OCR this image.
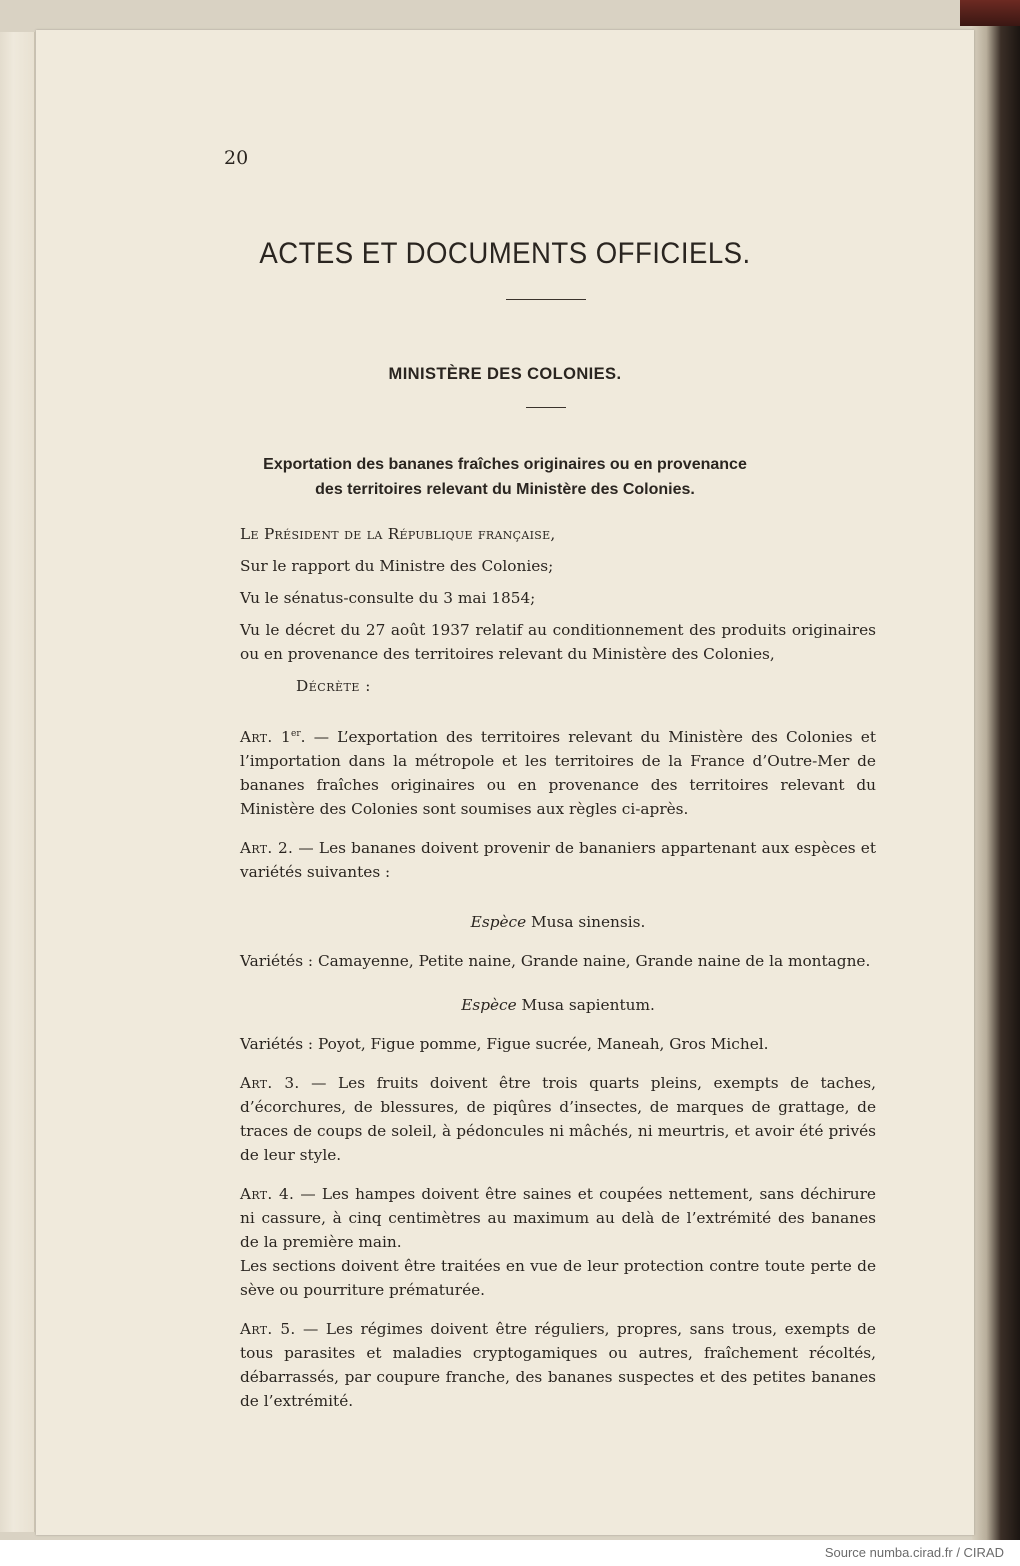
20
ACTES ET DOCUMENTS OFFICIELS.
MINISTÈRE DES COLONIES.
Exportation des bananes fraîches originaires ou en provenance
des territoires relevant du Ministère des Colonies.

Le Président de la République française,

Sur le rapport du Ministre des Colonies;

Vu le sénatus-consulte du 3 mai 1854;

Vu le décret du 27 août 1937 relatif au conditionnement des produits originaires ou en provenance des territoires relevant du Ministère des Colonies,

Décrète :

Art. 1er. — L’exportation des territoires relevant du Ministère des Colonies et l’importation dans la métropole et les territoires de la France d’Outre-Mer de bananes fraîches originaires ou en provenance des territoires relevant du Ministère des Colonies sont soumises aux règles ci-après.

Art. 2. — Les bananes doivent provenir de bananiers appartenant aux espèces et variétés suivantes :

Espèce Musa sinensis.

Variétés : Camayenne, Petite naine, Grande naine, Grande naine de la montagne.

Espèce Musa sapientum.

Variétés : Poyot, Figue pomme, Figue sucrée, Maneah, Gros Michel.

Art. 3. — Les fruits doivent être trois quarts pleins, exempts de taches, d’écorchures, de blessures, de piqûres d’insectes, de marques de grattage, de traces de coups de soleil, à pédoncules ni mâchés, ni meurtris, et avoir été privés de leur style.

Art. 4. — Les hampes doivent être saines et coupées nettement, sans déchirure ni cassure, à cinq centimètres au maximum au delà de l’extrémité des bananes de la première main.

Les sections doivent être traitées en vue de leur protection contre toute perte de sève ou pourriture prématurée.

Art. 5. — Les régimes doivent être réguliers, propres, sans trous, exempts de tous parasites et maladies cryptogamiques ou autres, fraîchement récoltés, débarrassés, par coupure franche, des bananes suspectes et des petites bananes de l’extrémité.

Source numba.cirad.fr / CIRAD
